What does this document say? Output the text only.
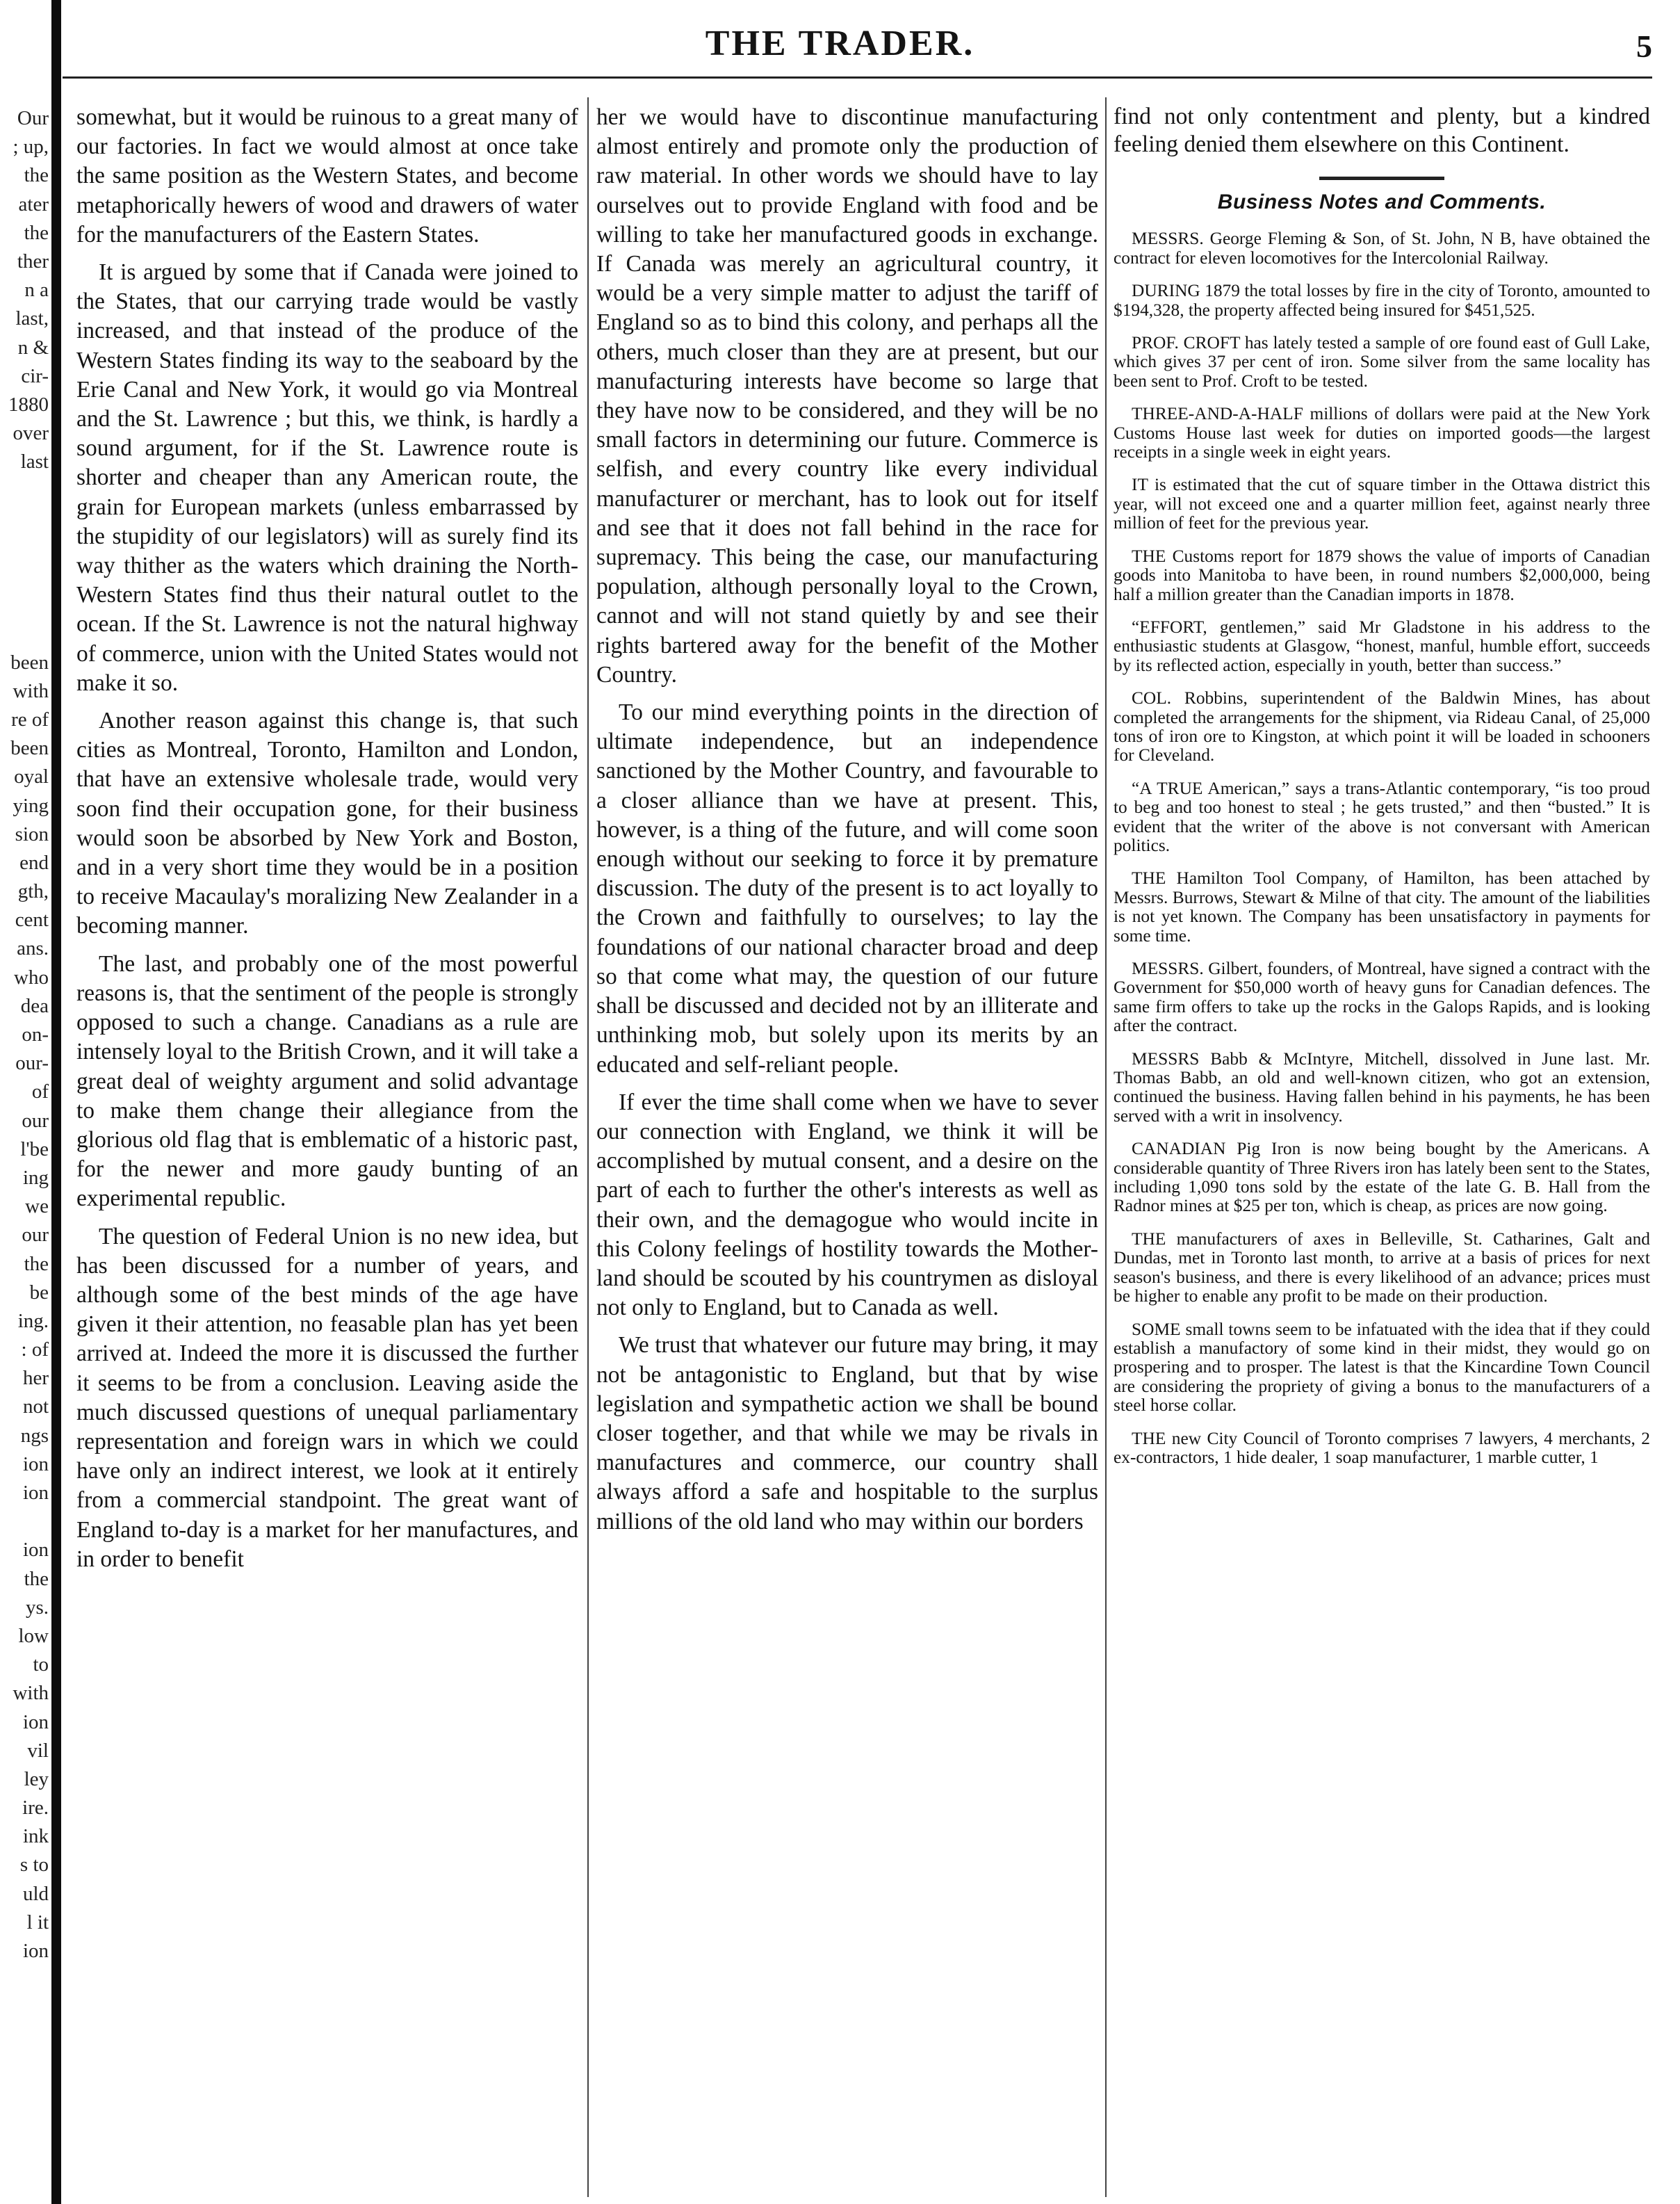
THE TRADER.	5
Our
; up,
the
ater
the
ther
n a
last,
n &
cir-
1880
over
last
been
with
re of
been
oyal
ying
sion
end
gth,
cent
ans.
who
dea
on-
our-
of
our
l'be
ing
we
our
the
be
ing.
: of
her
not
ngs
ion
ion
ion
the
ys.
low
to
with
ion
vil
ley
ire.
ink
s to
uld
l it
ion

somewhat, but it would be ruinous to a great many of our factories. In fact we would almost at once take the same position as the Western States, and become metaphorically hewers of wood and drawers of water for the manufacturers of the Eastern States.

It is argued by some that if Canada were joined to the States, that our carrying trade would be vastly increased, and that instead of the produce of the Western States finding its way to the seaboard by the Erie Canal and New York, it would go via Montreal and the St. Lawrence ; but this, we think, is hardly a sound argument, for if the St. Lawrence route is shorter and cheaper than any American route, the grain for European markets (unless embarrassed by the stupidity of our legislators) will as surely find its way thither as the waters which draining the North-Western States find thus their natural outlet to the ocean. If the St. Lawrence is not the natural highway of commerce, union with the United States would not make it so.

Another reason against this change is, that such cities as Montreal, Toronto, Hamilton and London, that have an extensive wholesale trade, would very soon find their occupation gone, for their business would soon be absorbed by New York and Boston, and in a very short time they would be in a position to receive Macaulay's moralizing New Zealander in a becoming manner.

The last, and probably one of the most powerful reasons is, that the sentiment of the people is strongly opposed to such a change. Canadians as a rule are intensely loyal to the British Crown, and it will take a great deal of weighty argument and solid advantage to make them change their allegiance from the glorious old flag that is emblematic of a historic past, for the newer and more gaudy bunting of an experimental republic.

The question of Federal Union is no new idea, but has been discussed for a number of years, and although some of the best minds of the age have given it their attention, no feasable plan has yet been arrived at. Indeed the more it is discussed the further it seems to be from a conclusion. Leaving aside the much discussed questions of unequal parliamentary representation and foreign wars in which we could have only an indirect interest, we look at it entirely from a commercial standpoint. The great want of England to-day is a market for her manufactures, and in order to benefit

her we would have to discontinue manufacturing almost entirely and promote only the production of raw material. In other words we should have to lay ourselves out to provide England with food and be willing to take her manufactured goods in exchange. If Canada was merely an agricultural country, it would be a very simple matter to adjust the tariff of England so as to bind this colony, and perhaps all the others, much closer than they are at present, but our manufacturing interests have become so large that they have now to be considered, and they will be no small factors in determining our future. Commerce is selfish, and every country like every individual manufacturer or merchant, has to look out for itself and see that it does not fall behind in the race for supremacy. This being the case, our manufacturing population, although personally loyal to the Crown, cannot and will not stand quietly by and see their rights bartered away for the benefit of the Mother Country.

To our mind everything points in the direction of ultimate independence, but an independence sanctioned by the Mother Country, and favourable to a closer alliance than we have at present. This, however, is a thing of the future, and will come soon enough without our seeking to force it by premature discussion. The duty of the present is to act loyally to the Crown and faithfully to ourselves; to lay the foundations of our national character broad and deep so that come what may, the question of our future shall be discussed and decided not by an illiterate and unthinking mob, but solely upon its merits by an educated and self-reliant people.

If ever the time shall come when we have to sever our connection with England, we think it will be accomplished by mutual consent, and a desire on the part of each to further the other's interests as well as their own, and the demagogue who would incite in this Colony feelings of hostility towards the Mother-land should be scouted by his countrymen as disloyal not only to England, but to Canada as well.

We trust that whatever our future may bring, it may not be antagonistic to England, but that by wise legislation and sympathetic action we shall be bound closer together, and that while we may be rivals in manufactures and commerce, our country shall always afford a safe and hospitable to the surplus millions of the old land who may within our borders

find not only contentment and plenty, but a kindred feeling denied them elsewhere on this Continent.

Business Notes and Comments.

MESSRS. George Fleming & Son, of St. John, N B, have obtained the contract for eleven locomotives for the Intercolonial Railway.

DURING 1879 the total losses by fire in the city of Toronto, amounted to $194,328, the property affected being insured for $451,525.

PROF. CROFT has lately tested a sample of ore found east of Gull Lake, which gives 37 per cent of iron. Some silver from the same locality has been sent to Prof. Croft to be tested.

THREE-AND-A-HALF millions of dollars were paid at the New York Customs House last week for duties on imported goods—the largest receipts in a single week in eight years.

IT is estimated that the cut of square timber in the Ottawa district this year, will not exceed one and a quarter million feet, against nearly three million of feet for the previous year.

THE Customs report for 1879 shows the value of imports of Canadian goods into Manitoba to have been, in round numbers $2,000,000, being half a million greater than the Canadian imports in 1878.

“EFFORT, gentlemen,” said Mr Gladstone in his address to the enthusiastic students at Glasgow, “honest, manful, humble effort, succeeds by its reflected action, especially in youth, better than success.”

COL. Robbins, superintendent of the Baldwin Mines, has about completed the arrangements for the shipment, via Rideau Canal, of 25,000 tons of iron ore to Kingston, at which point it will be loaded in schooners for Cleveland.

“A TRUE American,” says a trans-Atlantic contemporary, “is too proud to beg and too honest to steal ; he gets trusted,” and then “busted.” It is evident that the writer of the above is not conversant with American politics.

THE Hamilton Tool Company, of Hamilton, has been attached by Messrs. Burrows, Stewart & Milne of that city. The amount of the liabilities is not yet known. The Company has been unsatisfactory in payments for some time.

MESSRS. Gilbert, founders, of Montreal, have signed a contract with the Government for $50,000 worth of heavy guns for Canadian defences. The same firm offers to take up the rocks in the Galops Rapids, and is looking after the contract.

MESSRS Babb & McIntyre, Mitchell, dissolved in June last. Mr. Thomas Babb, an old and well-known citizen, who got an extension, continued the business. Having fallen behind in his payments, he has been served with a writ in insolvency.

CANADIAN Pig Iron is now being bought by the Americans. A considerable quantity of Three Rivers iron has lately been sent to the States, including 1,090 tons sold by the estate of the late G. B. Hall from the Radnor mines at $25 per ton, which is cheap, as prices are now going.

THE manufacturers of axes in Belleville, St. Catharines, Galt and Dundas, met in Toronto last month, to arrive at a basis of prices for next season's business, and there is every likelihood of an advance; prices must be higher to enable any profit to be made on their production.

SOME small towns seem to be infatuated with the idea that if they could establish a manufactory of some kind in their midst, they would go on prospering and to prosper. The latest is that the Kincardine Town Council are considering the propriety of giving a bonus to the manufacturers of a steel horse collar.

THE new City Council of Toronto comprises 7 lawyers, 4 merchants, 2 ex-contractors, 1 hide dealer, 1 soap manufacturer, 1 marble cutter, 1
